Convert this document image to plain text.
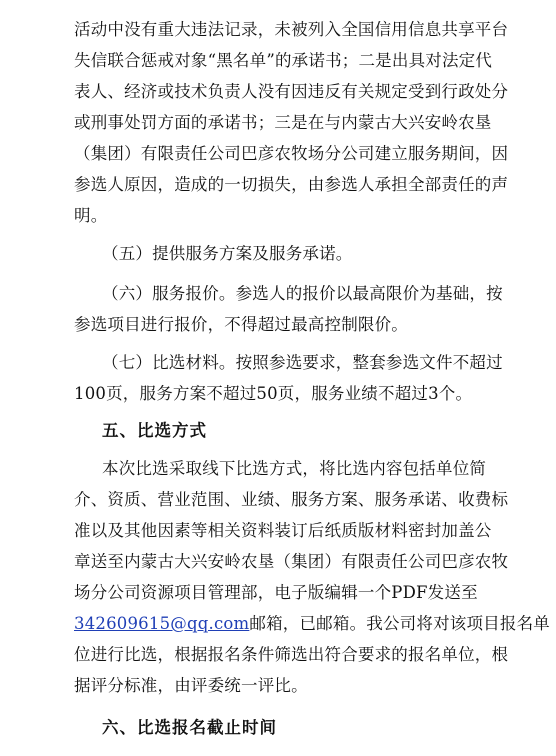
活动中没有重大违法记录，未被列入全国信用信息共享平台
失信联合惩戒对象“黑名单”的承诺书；二是出具对法定代
表人、经济或技术负责人没有因违反有关规定受到行政处分
或刑事处罚方面的承诺书；三是在与内蒙古大兴安岭农垦
（集团）有限责任公司巴彦农牧场分公司建立服务期间，因
参选人原因，造成的一切损失，由参选人承担全部责任的声
明。
（五）提供服务方案及服务承诺。
（六）服务报价。参选人的报价以最高限价为基础，按
参选项目进行报价，不得超过最高控制限价。
（七）比选材料。按照参选要求，整套参选文件不超过
100页，服务方案不超过50页，服务业绩不超过3个。
五、比选方式
本次比选采取线下比选方式，将比选内容包括单位简
介、资质、营业范围、业绩、服务方案、服务承诺、收费标
准以及其他因素等相关资料装订后纸质版材料密封加盖公
章送至内蒙古大兴安岭农垦（集团）有限责任公司巴彦农牧
场分公司资源项目管理部，电子版编辑一个PDF发送至
342609615@qq.com邮箱，已邮箱。我公司将对该项目报名单
位进行比选，根据报名条件筛选出符合要求的报名单位，根
据评分标准，由评委统一评比。
六、比选报名截止时间
